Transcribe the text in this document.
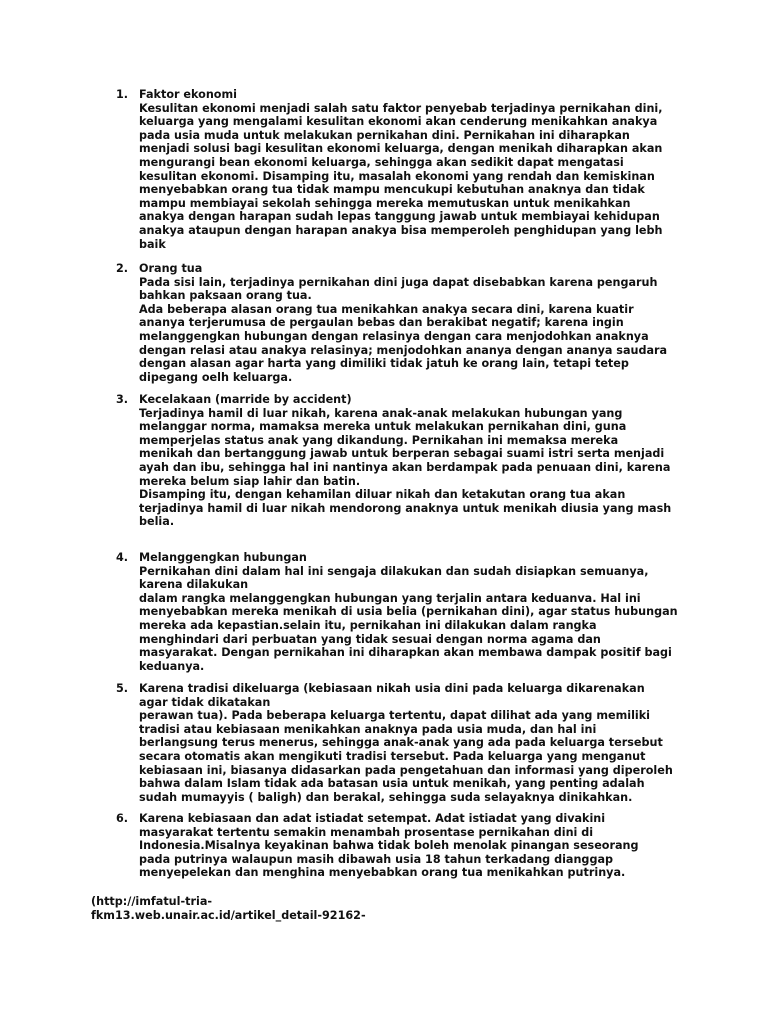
1. Faktor ekonomi
Kesulitan ekonomi menjadi salah satu faktor penyebab terjadinya pernikahan dini,
keluarga yang mengalami kesulitan ekonomi akan cenderung menikahkan anakya
pada usia muda untuk melakukan pernikahan dini. Pernikahan ini diharapkan
menjadi solusi bagi kesulitan ekonomi keluarga, dengan menikah diharapkan akan
mengurangi bean ekonomi keluarga, sehingga akan sedikit dapat mengatasi
kesulitan ekonomi. Disamping itu, masalah ekonomi yang rendah dan kemiskinan
menyebabkan orang tua tidak mampu mencukupi kebutuhan anaknya dan tidak
mampu membiayai sekolah sehingga mereka memutuskan untuk menikahkan
anakya dengan harapan sudah lepas tanggung jawab untuk membiayai kehidupan
anakya ataupun dengan harapan anakya bisa memperoleh penghidupan yang lebh
baik
2. Orang tua
Pada sisi lain, terjadinya pernikahan dini juga dapat disebabkan karena pengaruh
bahkan paksaan orang tua.
Ada beberapa alasan orang tua menikahkan anakya secara dini, karena kuatir
ananya terjerumusa de pergaulan bebas dan berakibat negatif; karena ingin
melanggengkan hubungan dengan relasinya dengan cara menjodohkan anaknya
dengan relasi atau anakya relasinya; menjodohkan ananya dengan ananya saudara
dengan alasan agar harta yang dimiliki tidak jatuh ke orang lain, tetapi tetep
dipegang oelh keluarga.
3. Kecelakaan (marride by accident)
Terjadinya hamil di luar nikah, karena anak-anak melakukan hubungan yang
melanggar norma, mamaksa mereka untuk melakukan pernikahan dini, guna
memperjelas status anak yang dikandung. Pernikahan ini memaksa mereka
menikah dan bertanggung jawab untuk berperan sebagai suami istri serta menjadi
ayah dan ibu, sehingga hal ini nantinya akan berdampak pada penuaan dini, karena
mereka belum siap lahir dan batin.
Disamping itu, dengan kehamilan diluar nikah dan ketakutan orang tua akan
terjadinya hamil di luar nikah mendorong anaknya untuk menikah diusia yang mash
belia.
4. Melanggengkan hubungan
Pernikahan dini dalam hal ini sengaja dilakukan dan sudah disiapkan semuanya,
karena dilakukan
dalam rangka melanggengkan hubungan yang terjalin antara keduanva. Hal ini
menyebabkan mereka menikah di usia belia (pernikahan dini), agar status hubungan
mereka ada kepastian.selain itu, pernikahan ini dilakukan dalam rangka
menghindari dari perbuatan yang tidak sesuai dengan norma agama dan
masyarakat. Dengan pernikahan ini diharapkan akan membawa dampak positif bagi
keduanya.
5. Karena tradisi dikeluarga (kebiasaan nikah usia dini pada keluarga dikarenakan
agar tidak dikatakan
perawan tua). Pada beberapa keluarga tertentu, dapat dilihat ada yang memiliki
tradisi atau kebiasaan menikahkan anaknya pada usia muda, dan hal ini
berlangsung terus menerus, sehingga anak-anak yang ada pada keluarga tersebut
secara otomatis akan mengikuti tradisi tersebut. Pada keluarga yang menganut
kebiasaan ini, biasanya didasarkan pada pengetahuan dan informasi yang diperoleh
bahwa dalam Islam tidak ada batasan usia untuk menikah, yang penting adalah
sudah mumayyis ( baligh) dan berakal, sehingga suda selayaknya dinikahkan.
6. Karena kebiasaan dan adat istiadat setempat. Adat istiadat yang divakini
masyarakat tertentu semakin menambah prosentase pernikahan dini di
Indonesia.Misalnya keyakinan bahwa tidak boleh menolak pinangan seseorang
pada putrinya walaupun masih dibawah usia 18 tahun terkadang dianggap
menyepelekan dan menghina menyebabkan orang tua menikahkan putrinya.
(http://imfatul-tria-
fkm13.web.unair.ac.id/artikel_detail-92162-
